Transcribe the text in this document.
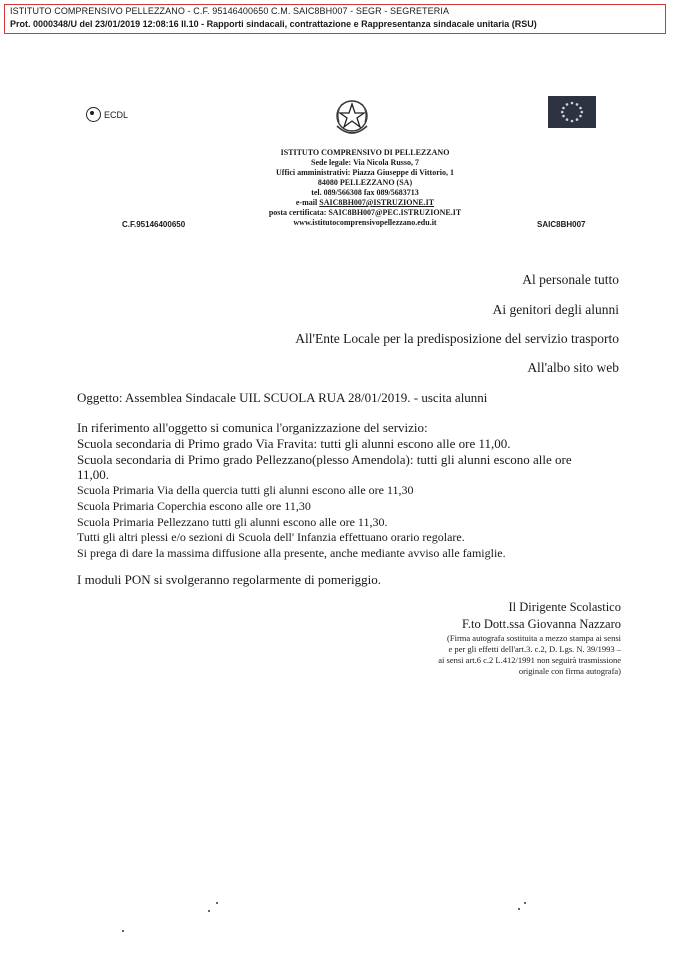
ISTITUTO COMPRENSIVO PELLEZZANO - C.F. 95146400650 C.M. SAIC8BH007 - SEGR - SEGRETERIA
Prot. 0000348/U del 23/01/2019 12:08:16 II.10 - Rapporti sindacali, contrattazione e Rappresentanza sindacale unitaria (RSU)
ECDL
ISTITUTO COMPRENSIVO DI PELLEZZANO
Sede legale: Via Nicola Russo, 7
Uffici amministrativi: Piazza Giuseppe di Vittorio, 1
84080 PELLEZZANO (SA)
tel. 089/566308 fax 089/5683713
e-mail SAIC8BH007@ISTRUZIONE.IT
posta certificata: SAIC8BH007@PEC.ISTRUZIONE.IT
www.istitutocomprensivopellezzano.edu.it
C.F.95146400650	SAIC8BH007
Al personale tutto
Ai genitori degli alunni
All'Ente Locale per la predisposizione del servizio trasporto
All'albo sito web
Oggetto: Assemblea Sindacale UIL SCUOLA RUA 28/01/2019. - uscita alunni
In riferimento all'oggetto si comunica l'organizzazione del servizio:
Scuola secondaria di Primo grado Via Fravita: tutti gli alunni escono alle ore 11,00.
Scuola secondaria di Primo grado Pellezzano(plesso Amendola): tutti gli alunni escono alle ore
11,00.
Scuola Primaria Via della quercia tutti gli alunni escono alle ore 11,30
Scuola Primaria Coperchia escono alle ore 11,30
Scuola Primaria Pellezzano tutti gli alunni escono alle ore 11,30.
Tutti gli altri plessi e/o sezioni di Scuola dell' Infanzia effettuano orario regolare.
Si prega di dare la massima diffusione alla presente, anche mediante avviso alle famiglie.
I moduli PON si svolgeranno regolarmente di pomeriggio.
Il Dirigente Scolastico
F.to Dott.ssa Giovanna Nazzaro
(Firma autografa sostituita a mezzo stampa ai sensi
e per gli effetti dell'art.3. c.2, D. Lgs. N. 39/1993 –
ai sensi art.6 c.2 L.412/1991 non seguirà trasmissione
originale con firma autografa)
